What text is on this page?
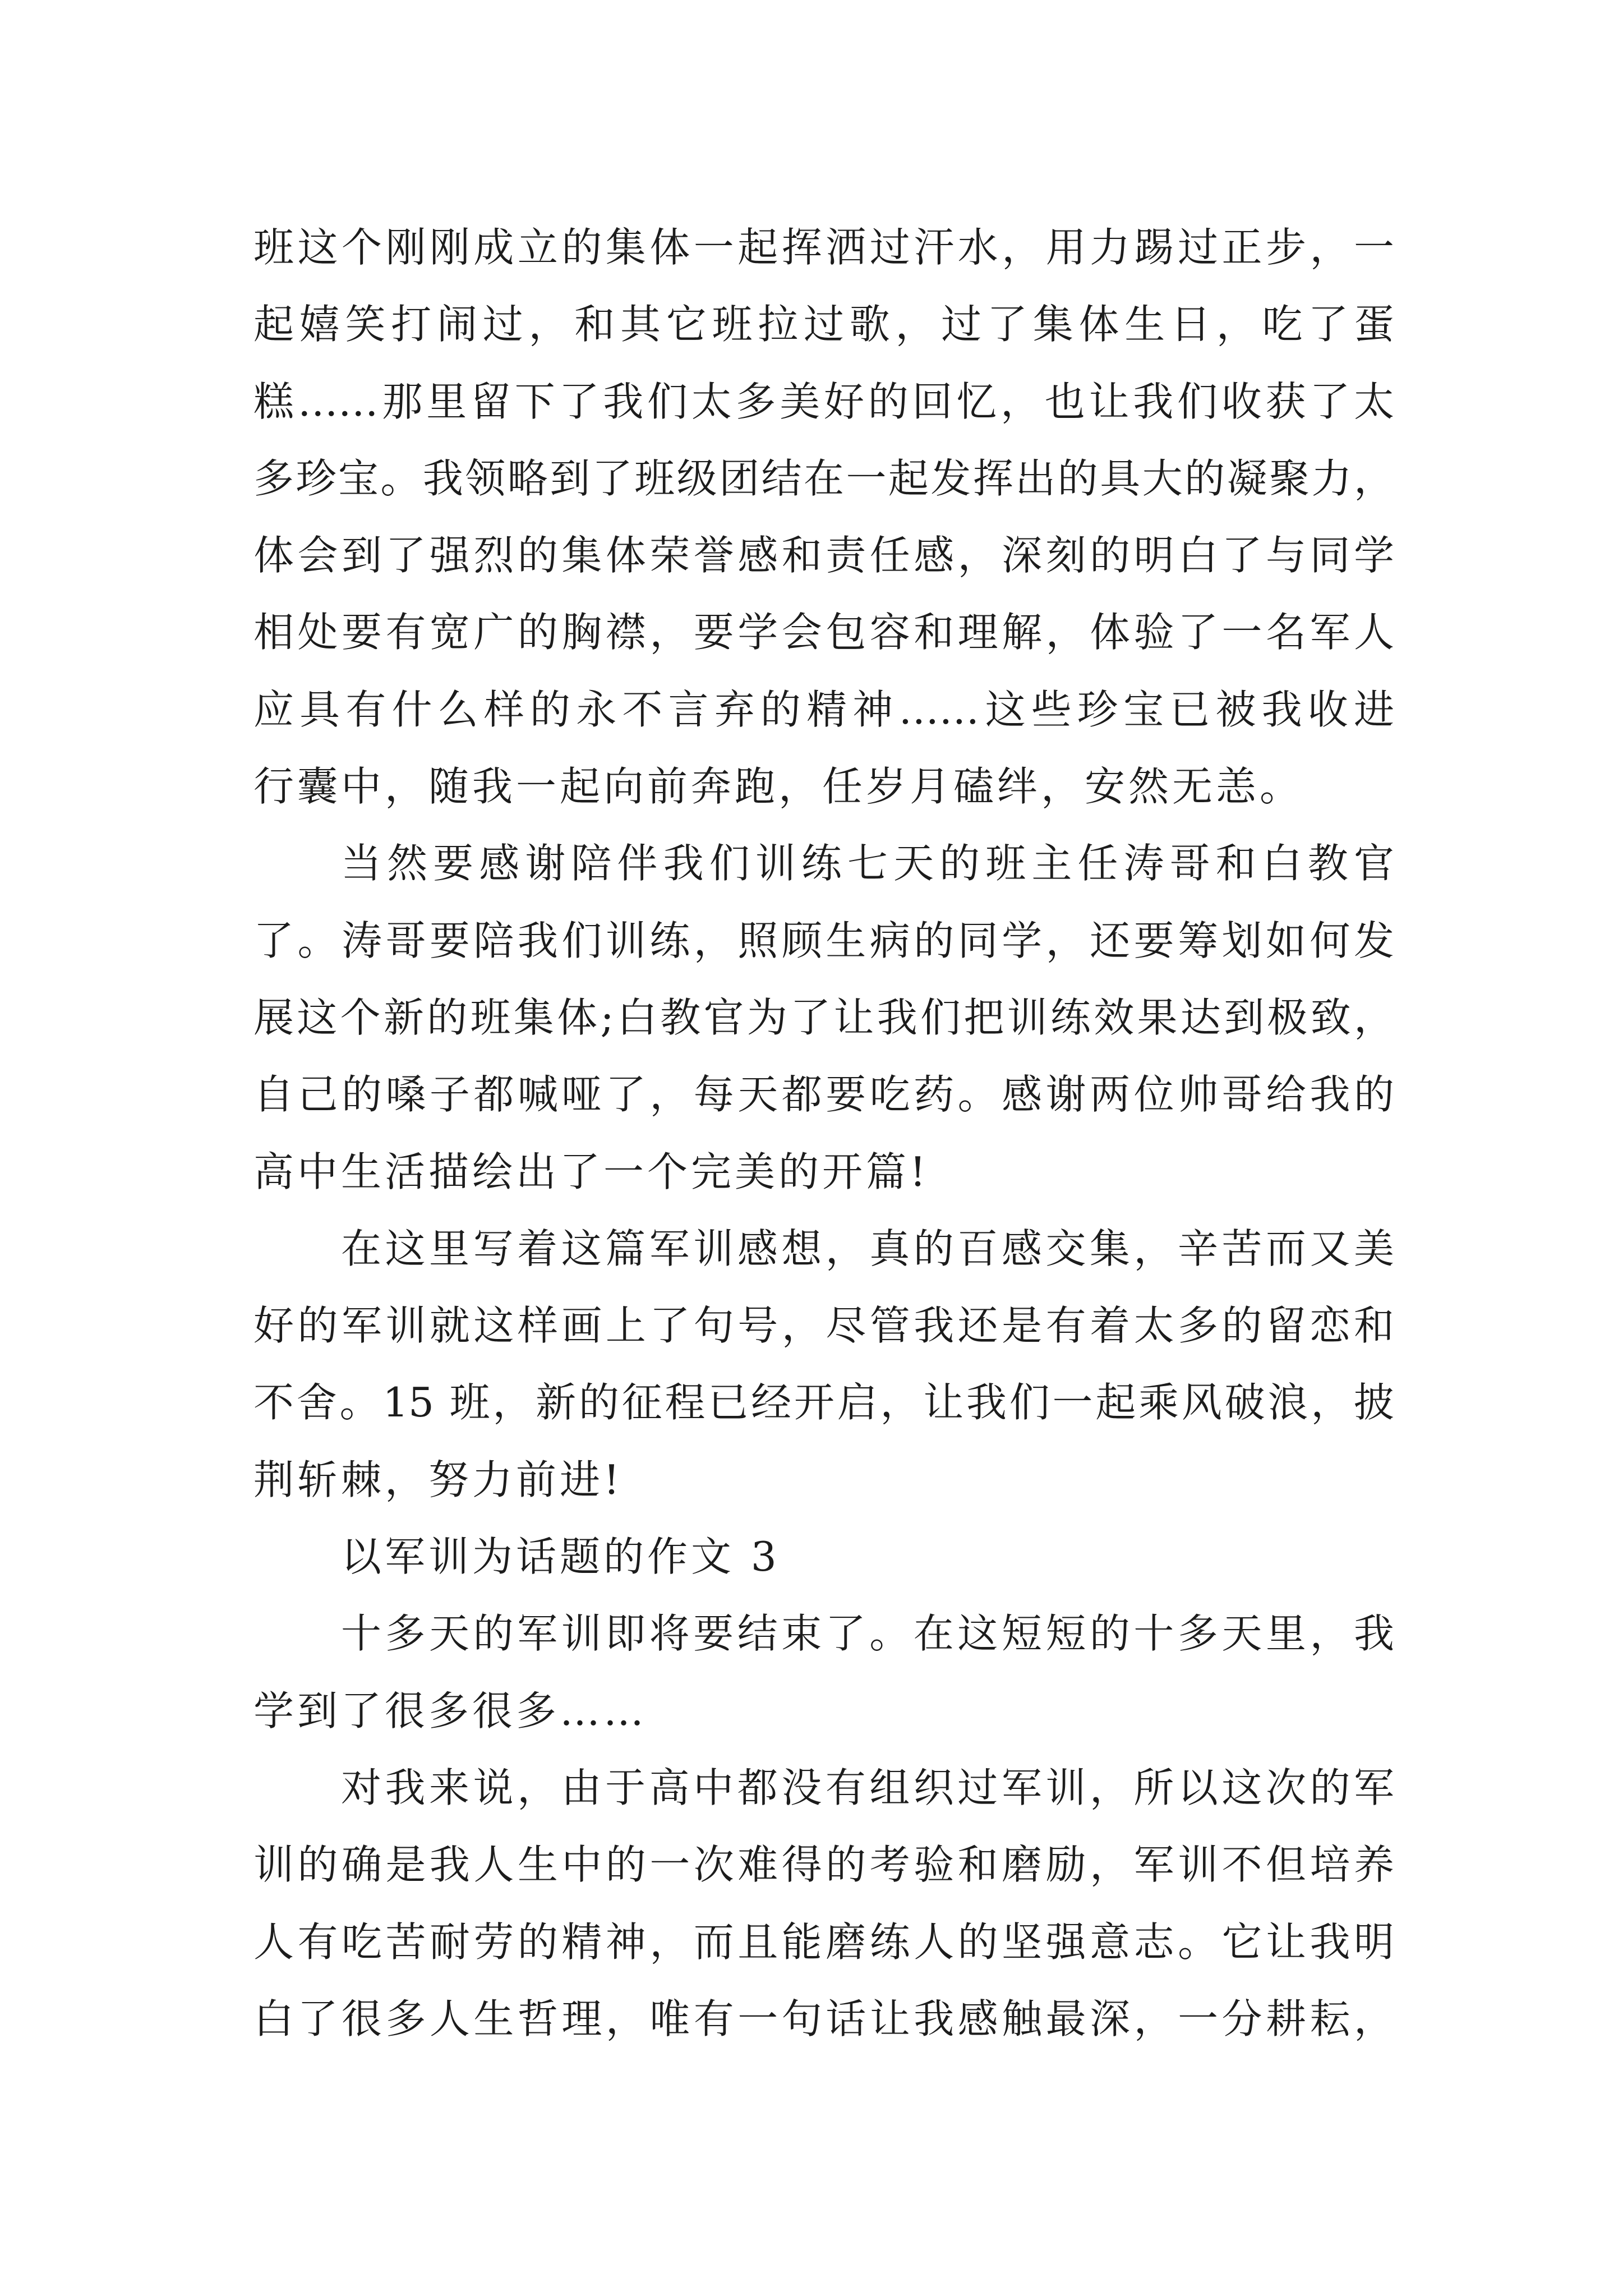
班这个刚刚成立的集体一起挥洒过汗水，用力踢过正步，一
起嬉笑打闹过，和其它班拉过歌，过了集体生日，吃了蛋
糕……那里留下了我们太多美好的回忆，也让我们收获了太
多珍宝。我领略到了班级团结在一起发挥出的具大的凝聚力，
体会到了强烈的集体荣誉感和责任感，深刻的明白了与同学
相处要有宽广的胸襟，要学会包容和理解，体验了一名军人
应具有什么样的永不言弃的精神……这些珍宝已被我收进
行囊中，随我一起向前奔跑，任岁月磕绊，安然无恙。
当然要感谢陪伴我们训练七天的班主任涛哥和白教官
了。涛哥要陪我们训练，照顾生病的同学，还要筹划如何发
展这个新的班集体;白教官为了让我们把训练效果达到极致，
自己的嗓子都喊哑了，每天都要吃药。感谢两位帅哥给我的
高中生活描绘出了一个完美的开篇!
在这里写着这篇军训感想，真的百感交集，辛苦而又美
好的军训就这样画上了句号，尽管我还是有着太多的留恋和
不舍。15 班，新的征程已经开启，让我们一起乘风破浪，披
荆斩棘，努力前进!
以军训为话题的作文 3
十多天的军训即将要结束了。在这短短的十多天里，我
学到了很多很多……
对我来说，由于高中都没有组织过军训，所以这次的军
训的确是我人生中的一次难得的考验和磨励，军训不但培养
人有吃苦耐劳的精神，而且能磨练人的坚强意志。它让我明
白了很多人生哲理，唯有一句话让我感触最深，一分耕耘，
